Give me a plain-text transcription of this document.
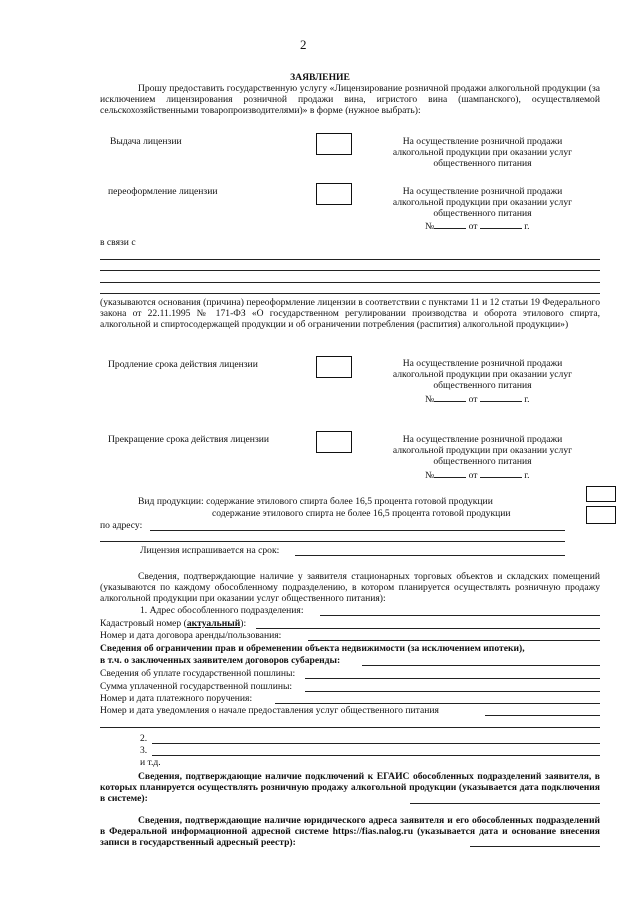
2
ЗАЯВЛЕНИЕ
Прошу предоставить государственную услугу «Лицензирование розничной продажи алкогольной продукции (за исключением лицензирования розничной продажи вина, игристого вина (шампанского), осуществляемой сельскохозяйственными товаропроизводителями)» в форме (нужное выбрать):
Выдача лицензии	На осуществление розничной продажи
алкогольной продукции при оказании услуг
общественного питания
переоформление лицензии	На осуществление розничной продажи
алкогольной продукции при оказании услуг
общественного питания
№	от	г.
в связи с
(указываются основания (причина) переоформление лицензии в соответствии с пунктами 11 и 12 статьи 19 Федерального закона от 22.11.1995 № 171-ФЗ «О государственном регулировании производства и оборота этилового спирта, алкогольной и спиртосодержащей продукции и об ограничении потребления (распития) алкогольной продукции»)
Продление срока действия лицензии	На осуществление розничной продажи
алкогольной продукции при оказании услуг
общественного питания
№	от	г.
Прекращение срока действия лицензии	На осуществление розничной продажи
алкогольной продукции при оказании услуг
общественного питания
№	от	г.
Вид продукции: содержание этилового спирта более 16,5 процента готовой продукции
содержание этилового спирта не более 16,5 процента готовой продукции
по адресу:
Лицензия испрашивается на срок:
Сведения, подтверждающие наличие у заявителя стационарных торговых объектов и складских помещений (указываются по каждому обособленному подразделению, в котором планируется осуществлять розничную продажу алкогольной продукции при оказании услуг общественного питания):
1. Адрес обособленного подразделения:
Кадастровый номер (актуальный):
Номер и дата договора аренды/пользования:
Сведения об ограничении прав и обременении объекта недвижимости (за исключением ипотеки),
в т.ч. о заключенных заявителем договоров субаренды:
Сведения об уплате государственной пошлины:
Сумма уплаченной государственной пошлины:
Номер и дата платежного поручения:
Номер и дата уведомления о начале предоставления услуг общественного питания
2.
3.
и т.д.
Сведения, подтверждающие наличие подключений к ЕГАИС обособленных подразделений заявителя, в которых планируется осуществлять розничную продажу алкогольной продукции (указывается дата подключения в системе):
Сведения, подтверждающие наличие юридического адреса заявителя и его обособленных подразделений в Федеральной информационной адресной системе https://fias.nalog.ru (указывается дата и основание внесения записи в государственный адресный реестр):
